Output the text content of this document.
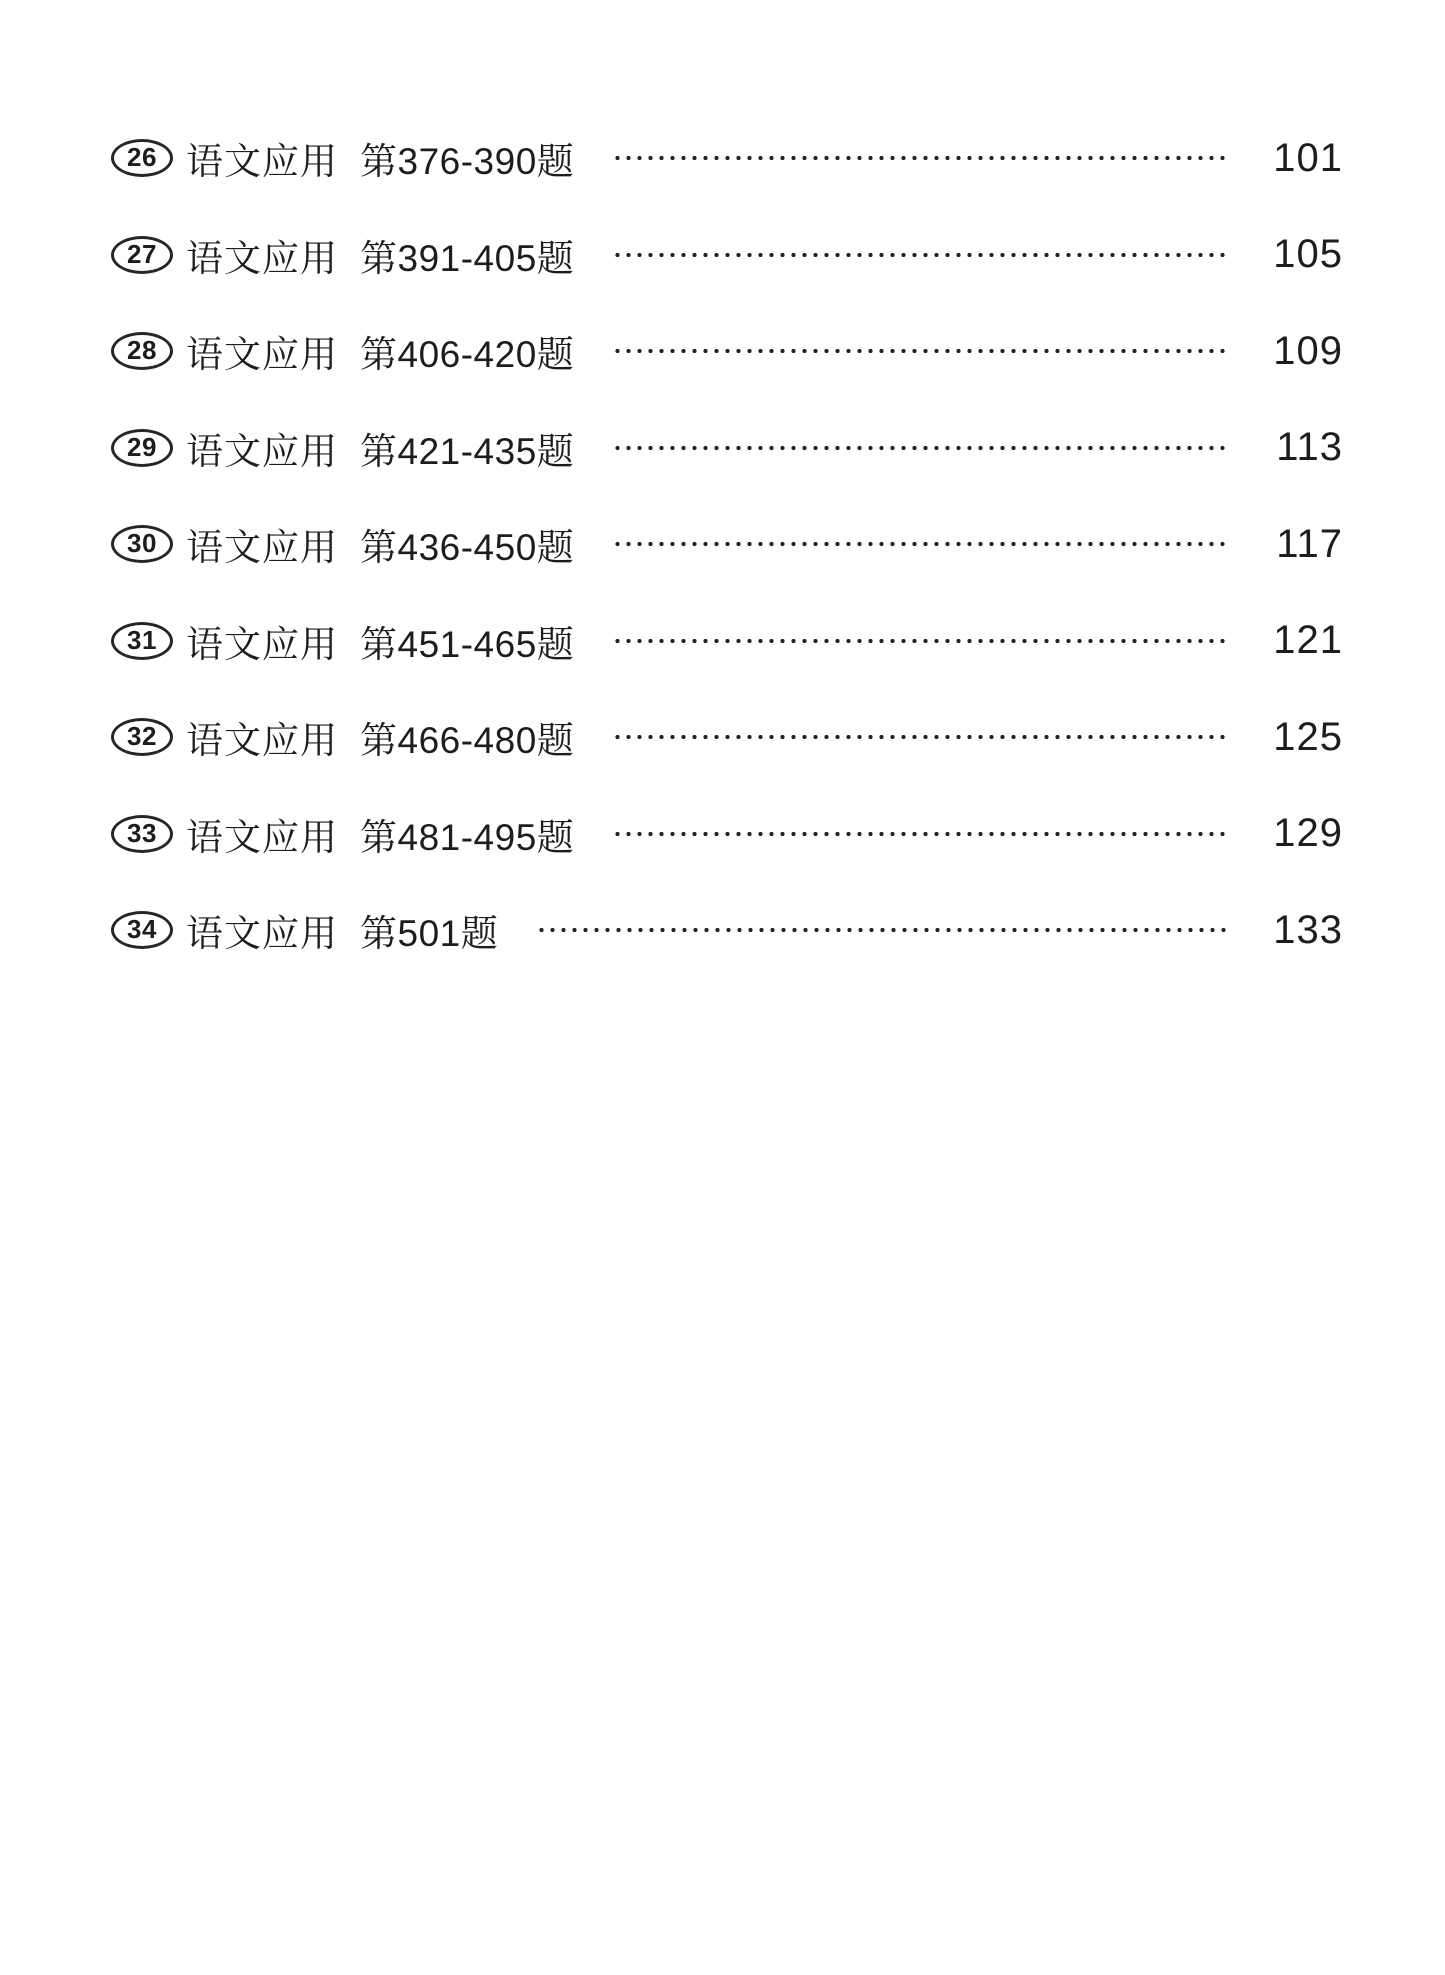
26 语文应用 第376-390题	101
27 语文应用 第391-405题	105
28 语文应用 第406-420题	109
29 语文应用 第421-435题	113
30 语文应用 第436-450题	117
31 语文应用 第451-465题	121
32 语文应用 第466-480题	125
33 语文应用 第481-495题	129
34 语文应用 第501题	133
